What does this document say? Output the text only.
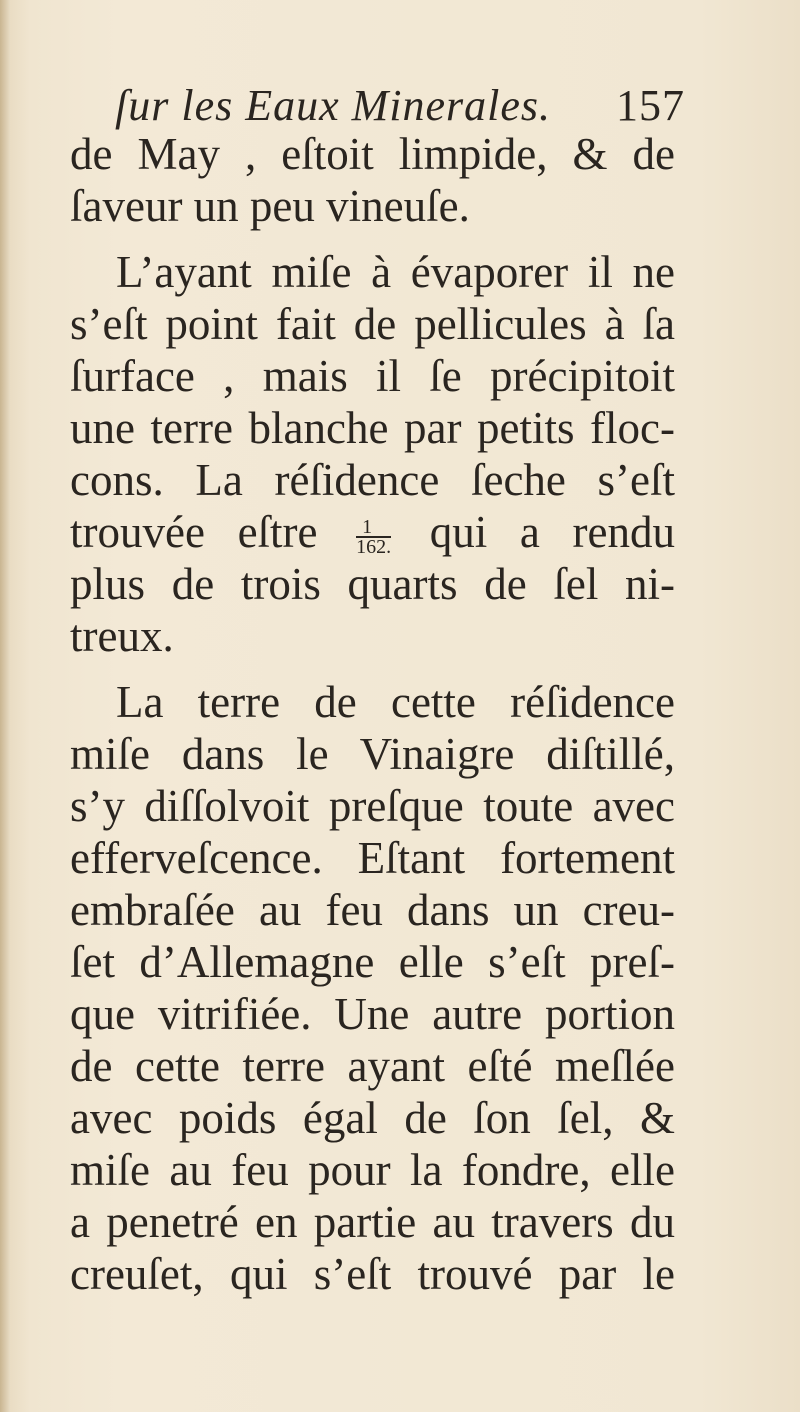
ſur les Eaux Minerales. 157
de May , eſtoit limpide, & de
ſaveur un peu vineuſe.
L’ayant miſe à évaporer il ne
s’eſt point fait de pellicules à ſa
ſurface , mais il ſe précipitoit
une terre blanche par petits floc-
cons. La réſidence ſeche s’eſt
trouvée eſtre $\frac{1}{162.}$ qui a rendu
plus de trois quarts de ſel ni-
treux.
La terre de cette réſidence
miſe dans le Vinaigre diſtillé,
s’y diſſolvoit preſque toute avec
efferveſcence. Eſtant fortement
embraſée au feu dans un creu-
ſet d’Allemagne elle s’eſt preſ-
que vitrifiée. Une autre portion
de cette terre ayant eſté meſlée
avec poids égal de ſon ſel, &
miſe au feu pour la fondre, elle
a penetré en partie au travers du
creuſet, qui s’eſt trouvé par le
